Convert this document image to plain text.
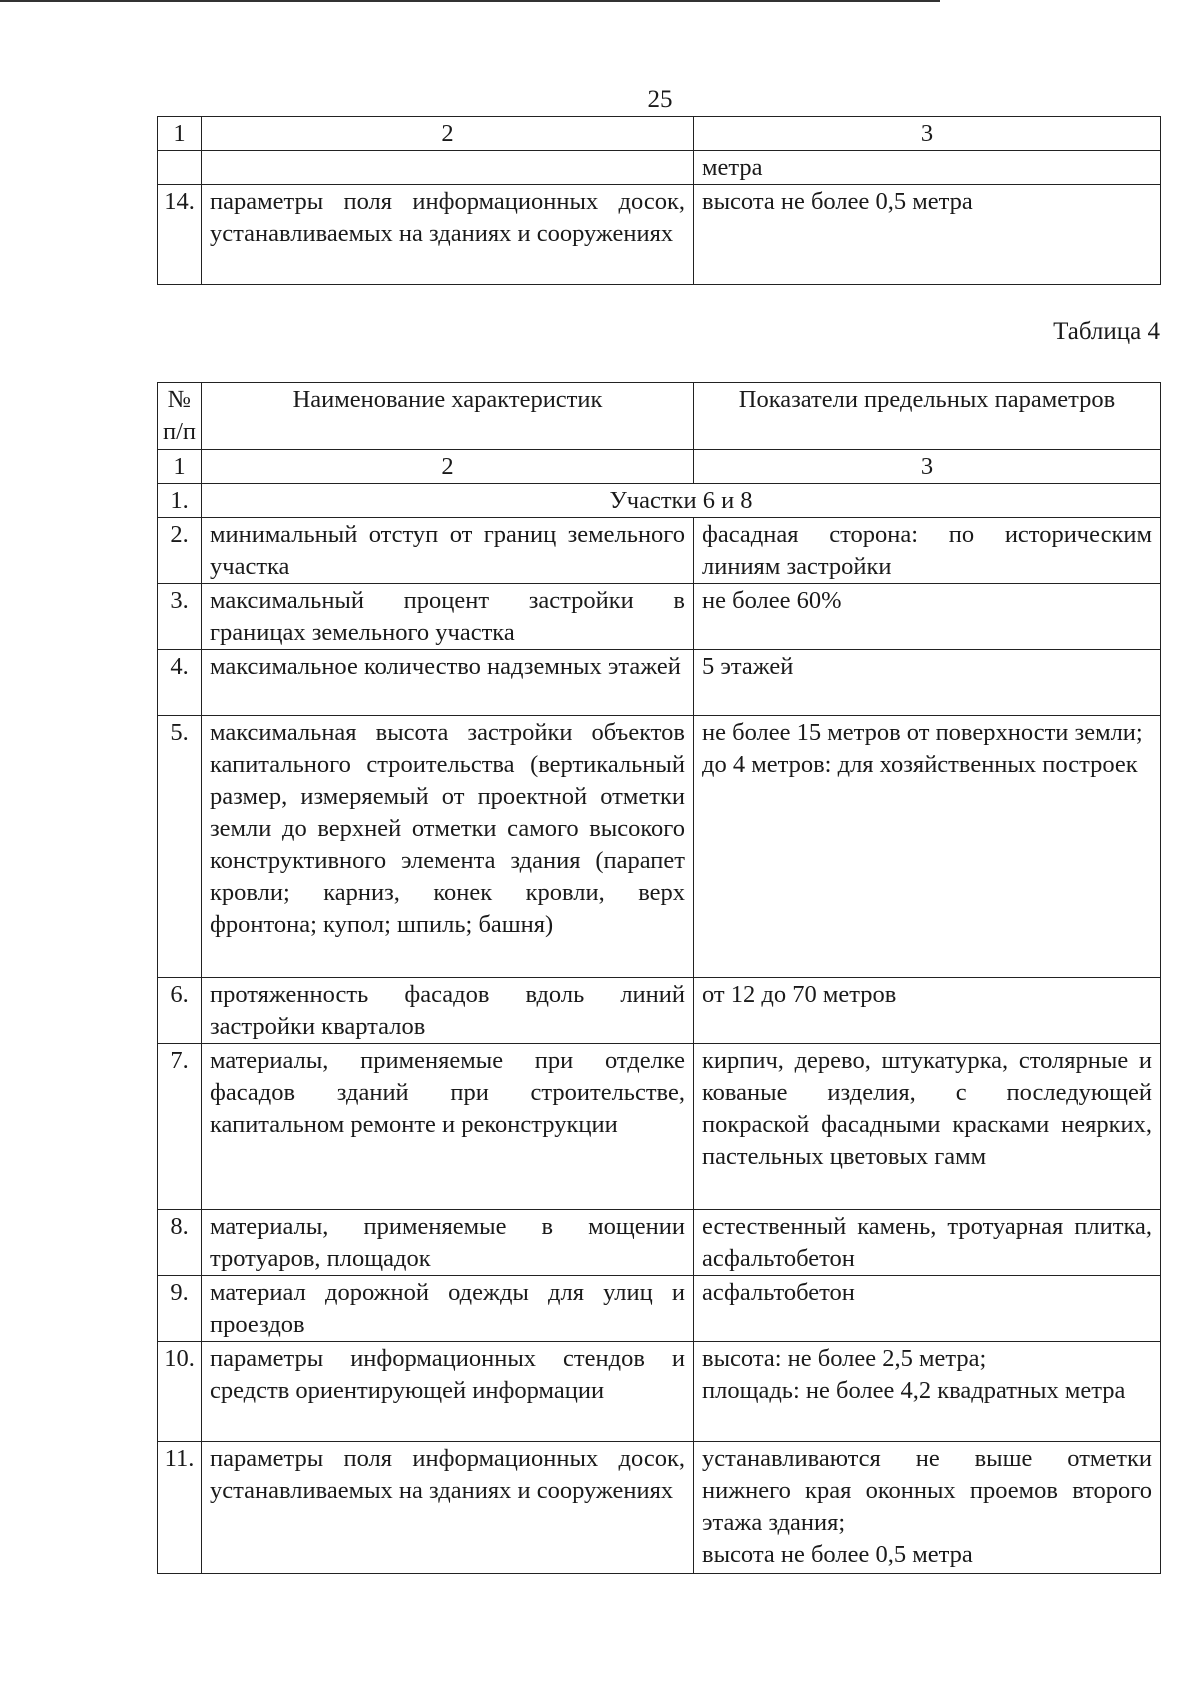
25
1	2	3
		метра
14.	параметры поля информационных досок, устанавливаемых на зданиях и сооружениях	высота не более 0,5 метра
Таблица 4
№ п/п	Наименование характеристик	Показатели предельных параметров
1	2	3
1.	Участки 6 и 8	
2.	минимальный отступ от границ земельного участка	фасадная сторона: по историческим линиям застройки
3.	максимальный процент застройки в границах земельного участка	не более 60%
4.	максимальное количество надземных этажей	5 этажей
5.	максимальная высота застройки объектов капитального строительства (вертикальный размер, измеряемый от проектной отметки земли до верхней отметки самого высокого конструктивного элемента здания (парапет кровли; карниз, конек кровли, верх фронтона; купол; шпиль; башня)	не более 15 метров от поверхности земли;
до 4 метров: для хозяйственных построек

6.	протяженность фасадов вдоль линий застройки кварталов	от 12 до 70 метров
7.	материалы, применяемые при отделке фасадов зданий при строительстве, капитальном ремонте и реконструкции	кирпич, дерево, штукатурка, столярные и кованые изделия, с последующей покраской фасадными красками неярких, пастельных цветовых гамм
8.	материалы, применяемые в мощении тротуаров, площадок	естественный камень, тротуарная плитка, асфальтобетон
9.	материал дорожной одежды для улиц и проездов	асфальтобетон
10.	параметры информационных стендов и средств ориентирующей информации	высота: не более 2,5 метра;
площадь: не более 4,2 квадратных метра

11.	параметры поля информационных досок, устанавливаемых на зданиях и сооружениях	устанавливаются не выше отметки нижнего края оконных проемов второго этажа здания;
высота не более 0,5 метра
